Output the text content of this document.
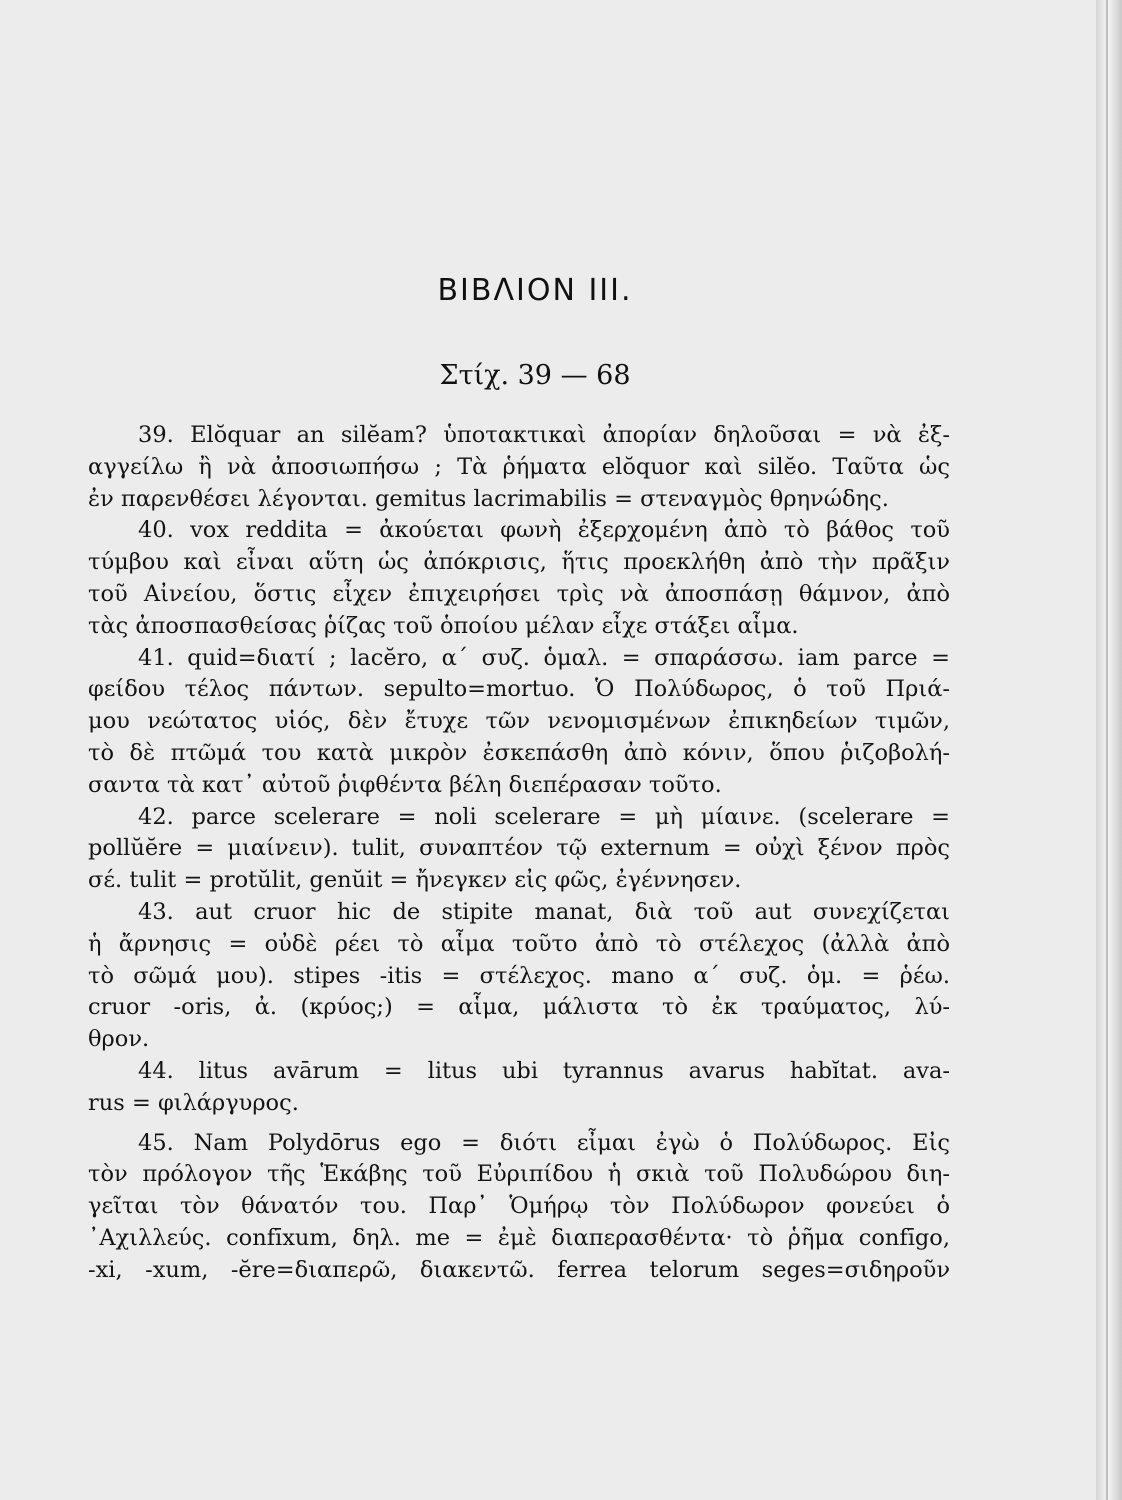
BIBΛION III.
Στίχ. 39 — 68
39. Elŏquar an silĕam? ὑποτακτικαὶ ἀπορίαν δηλοῦσαι = νὰ ἐξ-
αγγείλω ἢ νὰ ἀποσιωπήσω ; Τὰ ῥήματα elŏquor καὶ silĕo. Ταῦτα ὡς
ἐν παρενθέσει λέγονται. gemitus lacrimabilis = στεναγμὸς θρηνώδης.
40. vox reddita = ἀκούεται φωνὴ ἐξερχομένη ἀπὸ τὸ βάθος τοῦ
τύμβου καὶ εἶναι αὕτη ὡς ἀπόκρισις, ἥτις προεκλήθη ἀπὸ τὴν πρᾶξιν
τοῦ Αἰνείου, ὅστις εἶχεν ἐπιχειρήσει τρὶς νὰ ἀποσπάσῃ θάμνον, ἀπὸ
τὰς ἀποσπασθείσας ῥίζας τοῦ ὁποίου μέλαν εἶχε στάξει αἷμα.
41. quid=διατί ; lacĕro, α΄ συζ. ὁμαλ. = σπαράσσω. iam parce =
φείδου τέλος πάντων. sepulto=mortuo. Ὁ Πολύδωρος, ὁ τοῦ Πριά-
μου νεώτατος υἱός, δὲν ἔτυχε τῶν νενομισμένων ἐπικηδείων τιμῶν,
τὸ δὲ πτῶμά του κατὰ μικρὸν ἐσκεπάσθη ἀπὸ κόνιν, ὅπου ῥιζοβολή-
σαντα τὰ κατ᾽ αὐτοῦ ῥιφθέντα βέλη διεπέρασαν τοῦτο.
42. parce scelerare = noli scelerare = μὴ μίαινε. (scelerare =
pollŭĕre = μιαίνειν). tulit, συναπτέον τῷ externum = οὐχὶ ξένον πρὸς
σέ. tulit = protŭlit, genŭit = ἤνεγκεν εἰς φῶς, ἐγέννησεν.
43. aut cruor hic de stipite manat, διὰ τοῦ aut συνεχίζεται
ἡ ἄρνησις = οὐδὲ ρέει τὸ αἷμα τοῦτο ἀπὸ τὸ στέλεχος (ἀλλὰ ἀπὸ
τὸ σῶμά μου). stipes -itis = στέλεχος. mano α΄ συζ. ὁμ. = ῥέω.
cruor -oris, ἀ. (κρύος;) = αἷμα, μάλιστα τὸ ἐκ τραύματος, λύ-
θρον.
44. litus avārum = litus ubi tyrannus avarus habĭtat. ava-
rus = φιλάργυρος.
45. Nam Polydōrus ego = διότι εἶμαι ἐγὼ ὁ Πολύδωρος. Εἰς
τὸν πρόλογον τῆς Ἑκάβης τοῦ Εὐριπίδου ἡ σκιὰ τοῦ Πολυδώρου διη-
γεῖται τὸν θάνατόν του. Παρ᾽ Ὁμήρῳ τὸν Πολύδωρον φονεύει ὁ
᾽Αχιλλεύς. confīxum, δηλ. me = ἐμὲ διαπερασθέντα· τὸ ῥῆμα confīgo,
-xi, -xum, -ĕre=διαπερῶ, διακεντῶ. ferrea telorum seges=σιδηροῦν
